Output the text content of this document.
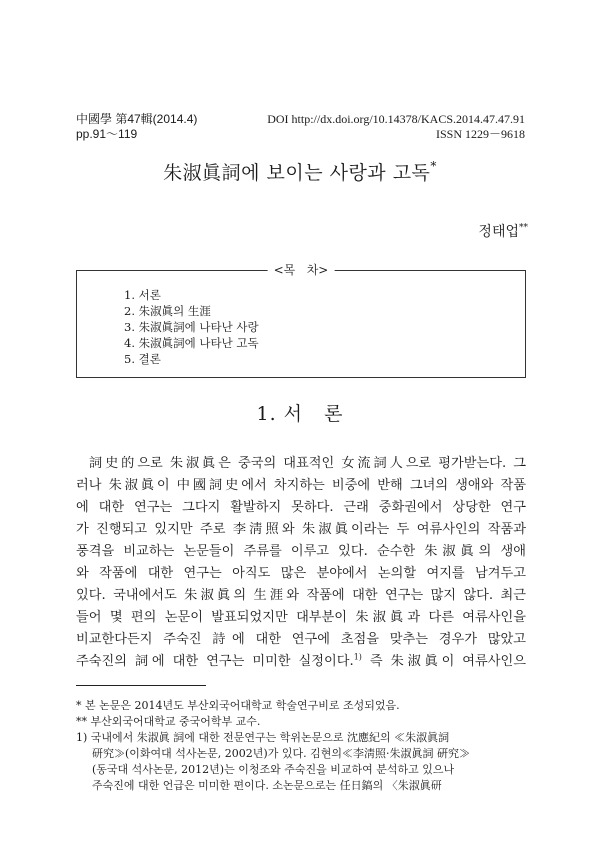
中國學 第47輯(2014.4)
pp.91～119
DOI http://dx.doi.org/10.14378/KACS.2014.47.47.91
ISSN 1229－9618
朱淑眞詞에 보이는 사랑과 고독*
정태업**
<목   차>
1. 서론
2. 朱淑眞의 生涯
3. 朱淑眞詞에 나타난 사랑
4. 朱淑眞詞에 나타난 고독
5. 결론
1. 서   론
詞史的으로 朱淑眞은 중국의 대표적인 女流詞人으로 평가받는다. 그
러나 朱淑眞이 中國詞史에서 차지하는 비중에 반해 그녀의 생애와 작품
에 대한 연구는 그다지 활발하지 못하다. 근래 중화권에서 상당한 연구
가 진행되고 있지만 주로 李淸照와 朱淑眞이라는 두 여류사인의 작품과
풍격을 비교하는 논문들이 주류를 이루고 있다. 순수한 朱淑眞의 생애
와 작품에 대한 연구는 아직도 많은 분야에서 논의할 여지를 남겨두고
있다. 국내에서도 朱淑眞의 生涯와 작품에 대한 연구는 많지 않다. 최근
들어 몇 편의 논문이 발표되었지만 대부분이 朱淑眞과 다른 여류사인을
비교한다든지 주숙진 詩에 대한 연구에 초점을 맞추는 경우가 많았고
주숙진의 詞에 대한 연구는 미미한 실정이다.$^{1)}$ 즉 朱淑眞이 여류사인으
* 본 논문은 2014년도 부산외국어대학교 학술연구비로 조성되었음.
** 부산외국어대학교 중국어학부 교수.
1) 국내에서 朱淑眞 詞에 대한 전문연구는 학위논문으로 沈應紀의 ≪朱淑眞詞
研究≫(이화여대 석사논문, 2002년)가 있다. 김현의≪李淸照·朱淑眞詞 硏究≫
(동국대 석사논문, 2012년)는 이청조와 주숙진을 비교하여 분석하고 있으나
주숙진에 대한 언급은 미미한 편이다. 소논문으로는 任日鎬의 〈朱淑眞研
